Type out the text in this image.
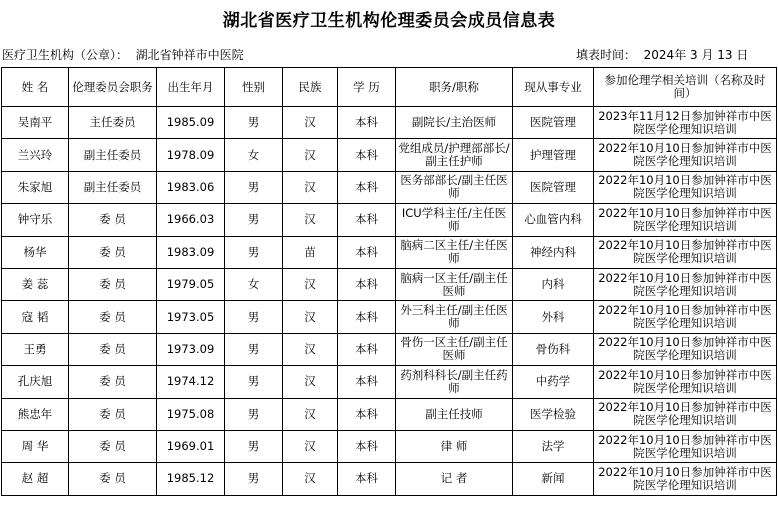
湖北省医疗卫生机构伦理委员会成员信息表
医疗卫生机构（公章）： 湖北省钟祥市中医院	填表时间： 2024年 3 月 13 日
姓 名	伦理委员会职务	出生年月	性别	民族	学 历	职务/职称	现从事专业	参加伦理学相关培训（名称及时间）
吴南平	主任委员	1985.09	男	汉	本科	副院长/主治医师	医院管理	2023年11月12日参加钟祥市中医院医学伦理知识培训
兰兴玲	副主任委员	1978.09	女	汉	本科	党组成员/护理部部长/副主任护师	护理管理	2022年10月10日参加钟祥市中医院医学伦理知识培训
朱家旭	副主任委员	1983.06	男	汉	本科	医务部部长/副主任医师	医院管理	2022年10月10日参加钟祥市中医院医学伦理知识培训
钟守乐	委 员	1966.03	男	汉	本科	ICU学科主任/主任医师	心血管内科	2022年10月10日参加钟祥市中医院医学伦理知识培训
杨华	委 员	1983.09	男	苗	本科	脑病二区主任/主任医师	神经内科	2022年10月10日参加钟祥市中医院医学伦理知识培训
姜 蕊	委 员	1979.05	女	汉	本科	脑病一区主任/副主任医师	内科	2022年10月10日参加钟祥市中医院医学伦理知识培训
寇 韬	委 员	1973.05	男	汉	本科	外三科主任/副主任医师	外科	2022年10月10日参加钟祥市中医院医学伦理知识培训
王勇	委 员	1973.09	男	汉	本科	骨伤一区主任/副主任医师	骨伤科	2022年10月10日参加钟祥市中医院医学伦理知识培训
孔庆旭	委 员	1974.12	男	汉	本科	药剂科科长/副主任药师	中药学	2022年10月10日参加钟祥市中医院医学伦理知识培训
熊忠年	委 员	1975.08	男	汉	本科	副主任技师	医学检验	2022年10月10日参加钟祥市中医院医学伦理知识培训
周 华	委 员	1969.01	男	汉	本科	律 师	法学	2022年10月10日参加钟祥市中医院医学伦理知识培训
赵 超	委 员	1985.12	男	汉	本科	记 者	新闻	2022年10月10日参加钟祥市中医院医学伦理知识培训
